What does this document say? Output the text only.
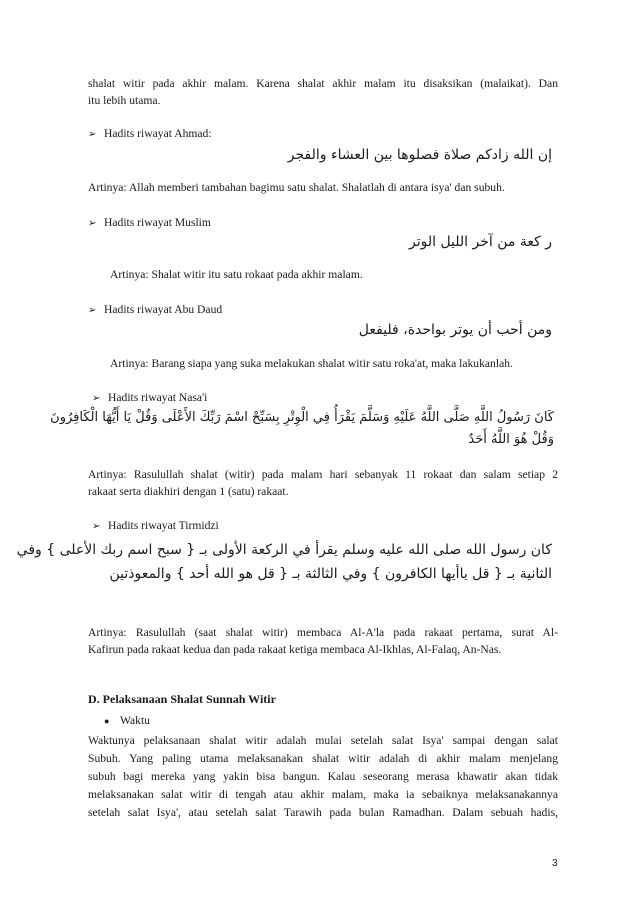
shalat witir pada akhir malam. Karena shalat akhir malam itu disaksikan (malaikat). Dan
itu lebih utama.
➢ Hadits riwayat Ahmad:
إن الله زادكم صلاة فصلوها بين العشاء والفجر
Artinya: Allah memberi tambahan bagimu satu shalat. Shalatlah di antara isya' dan subuh.
➢ Hadits riwayat Muslim
ر كعة من آخر الليل الوتر
Artinya: Shalat witir itu satu rokaat pada akhir malam.
➢ Hadits riwayat Abu Daud
ومن أحب أن يوتر بواحدة، فليفعل
Artinya: Barang siapa yang suka melakukan shalat witir satu roka'at, maka lakukanlah.
➢ Hadits riwayat Nasa'i
كَانَ رَسُولُ اللَّهِ صَلَّى اللَّهُ عَلَيْهِ وَسَلَّمَ يَقْرَأُ فِي الْوِتْرِ بِسَبِّحْ اسْمَ رَبِّكَ الأَعْلَى وَقُلْ يَا أَيُّهَا الْكَافِرُونَ
وَقُلْ هُوَ اللَّهُ أَحَدٌ
Artinya: Rasulullah shalat (witir) pada malam hari sebanyak 11 rokaat dan salam setiap 2
rakaat serta diakhiri dengan 1 (satu) rakaat.
➢ Hadits riwayat Tirmidzi
كان رسول الله صلى الله عليه وسلم يقرأ في الركعة الأولى بـ { سبح اسم ربك الأعلى } وفي
الثانية بـ { قل ياأيها الكافرون } وفي الثالثة بـ { قل هو الله أحد } والمعوذتين
Artinya: Rasulullah (saat shalat witir) membaca Al-A'la pada rakaat pertama, surat Al-
Kafirun pada rakaat kedua dan pada rakaat ketiga membaca Al-Ikhlas, Al-Falaq, An-Nas.
D. Pelaksanaan Shalat Sunnah Witir
● Waktu
Waktunya pelaksanaan shalat witir adalah mulai setelah salat Isya' sampai dengan salat
Subuh. Yang paling utama melaksanakan shalat witir adalah di akhir malam menjelang
subuh bagi mereka yang yakin bisa bangun. Kalau seseorang merasa khawatir akan tidak
melaksanakan salat witir di tengah atau akhir malam, maka ia sebaiknya melaksanakannya
setelah salat Isya', atau setelah salat Tarawih pada bulan Ramadhan. Dalam sebuah hadis,
3
